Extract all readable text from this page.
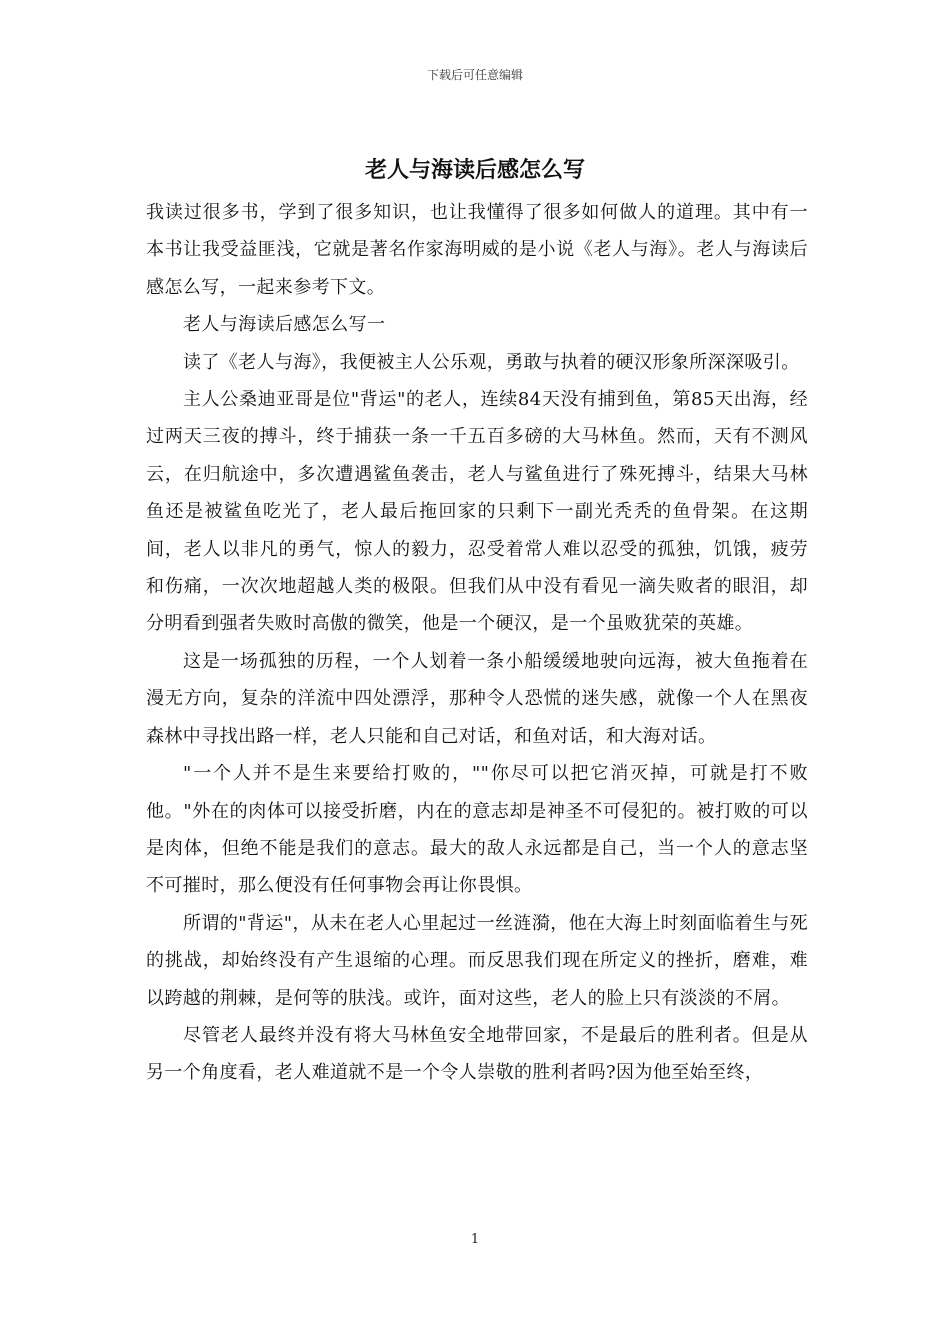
下载后可任意编辑
老人与海读后感怎么写

我读过很多书，学到了很多知识，也让我懂得了很多如何做人的道理。其中有一本书让我受益匪浅，它就是著名作家海明威的是小说《老人与海》。老人与海读后感怎么写，一起来参考下文。

老人与海读后感怎么写一

读了《老人与海》，我便被主人公乐观，勇敢与执着的硬汉形象所深深吸引。

主人公桑迪亚哥是位"背运"的老人，连续84天没有捕到鱼，第85天出海，经过两天三夜的搏斗，终于捕获一条一千五百多磅的大马林鱼。然而，天有不测风云，在归航途中，多次遭遇鲨鱼袭击，老人与鲨鱼进行了殊死搏斗，结果大马林鱼还是被鲨鱼吃光了，老人最后拖回家的只剩下一副光秃秃的鱼骨架。在这期间，老人以非凡的勇气，惊人的毅力，忍受着常人难以忍受的孤独，饥饿，疲劳和伤痛，一次次地超越人类的极限。但我们从中没有看见一滴失败者的眼泪，却分明看到强者失败时高傲的微笑，他是一个硬汉，是一个虽败犹荣的英雄。

这是一场孤独的历程，一个人划着一条小船缓缓地驶向远海，被大鱼拖着在漫无方向，复杂的洋流中四处漂浮，那种令人恐慌的迷失感，就像一个人在黑夜森林中寻找出路一样，老人只能和自己对话，和鱼对话，和大海对话。

"一个人并不是生来要给打败的，""你尽可以把它消灭掉，可就是打不败他。"外在的肉体可以接受折磨，内在的意志却是神圣不可侵犯的。被打败的可以是肉体，但绝不能是我们的意志。最大的敌人永远都是自己，当一个人的意志坚不可摧时，那么便没有任何事物会再让你畏惧。

所谓的"背运"，从未在老人心里起过一丝涟漪，他在大海上时刻面临着生与死的挑战，却始终没有产生退缩的心理。而反思我们现在所定义的挫折，磨难，难以跨越的荆棘，是何等的肤浅。或许，面对这些，老人的脸上只有淡淡的不屑。

尽管老人最终并没有将大马林鱼安全地带回家，不是最后的胜利者。但是从另一个角度看，老人难道就不是一个令人崇敬的胜利者吗?因为他至始至终，

1
